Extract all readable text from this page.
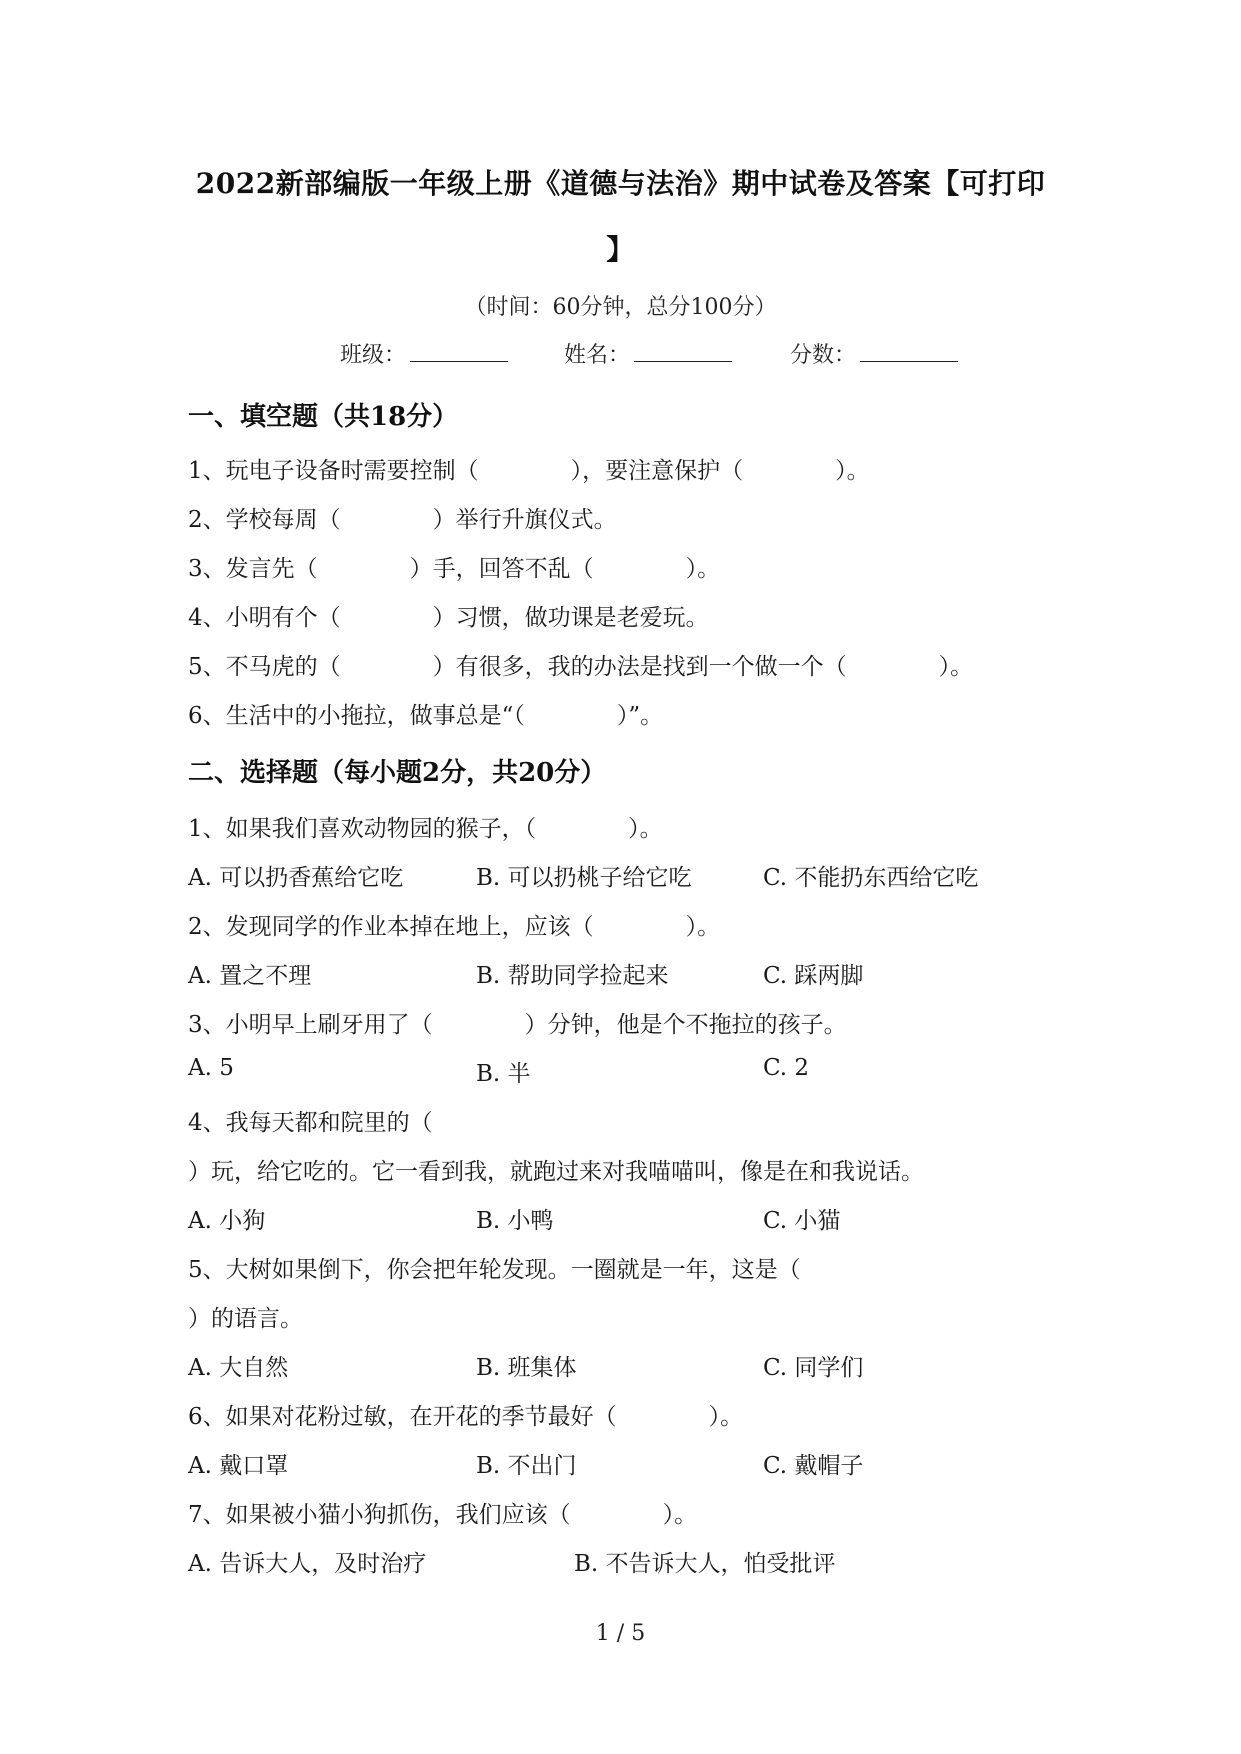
2022新部编版一年级上册《道德与法治》期中试卷及答案【可打印
】
（时间：60分钟，总分100分）
班级：	姓名：	分数：
一、填空题（共18分）
1、玩电子设备时需要控制（　　　　），要注意保护（　　　　）。
2、学校每周（　　　　）举行升旗仪式。
3、发言先（　　　　）手，回答不乱（　　　　）。
4、小明有个（　　　　）习惯，做功课是老爱玩。
5、不马虎的（　　　　）有很多，我的办法是找到一个做一个（　　　　）。
6、生活中的小拖拉，做事总是“（　　　　）”。
二、选择题（每小题2分，共20分）
1、如果我们喜欢动物园的猴子，（　　　　）。
A. 可以扔香蕉给它吃	B. 可以扔桃子给它吃	C. 不能扔东西给它吃
2、发现同学的作业本掉在地上，应该（　　　　）。
A. 置之不理	B. 帮助同学捡起来	C. 踩两脚
3、小明早上刷牙用了（　　　　）分钟，他是个不拖拉的孩子。
A. 5	B. 半	C. 2
4、我每天都和院里的（
）玩，给它吃的。它一看到我，就跑过来对我喵喵叫，像是在和我说话。
A. 小狗	B. 小鸭	C. 小猫
5、大树如果倒下，你会把年轮发现。一圈就是一年，这是（
）的语言。
A. 大自然	B. 班集体	C. 同学们
6、如果对花粉过敏，在开花的季节最好（　　　　）。
A. 戴口罩	B. 不出门	C. 戴帽子
7、如果被小猫小狗抓伤，我们应该（　　　　）。
A. 告诉大人，及时治疗	B. 不告诉大人，怕受批评
1 / 5
